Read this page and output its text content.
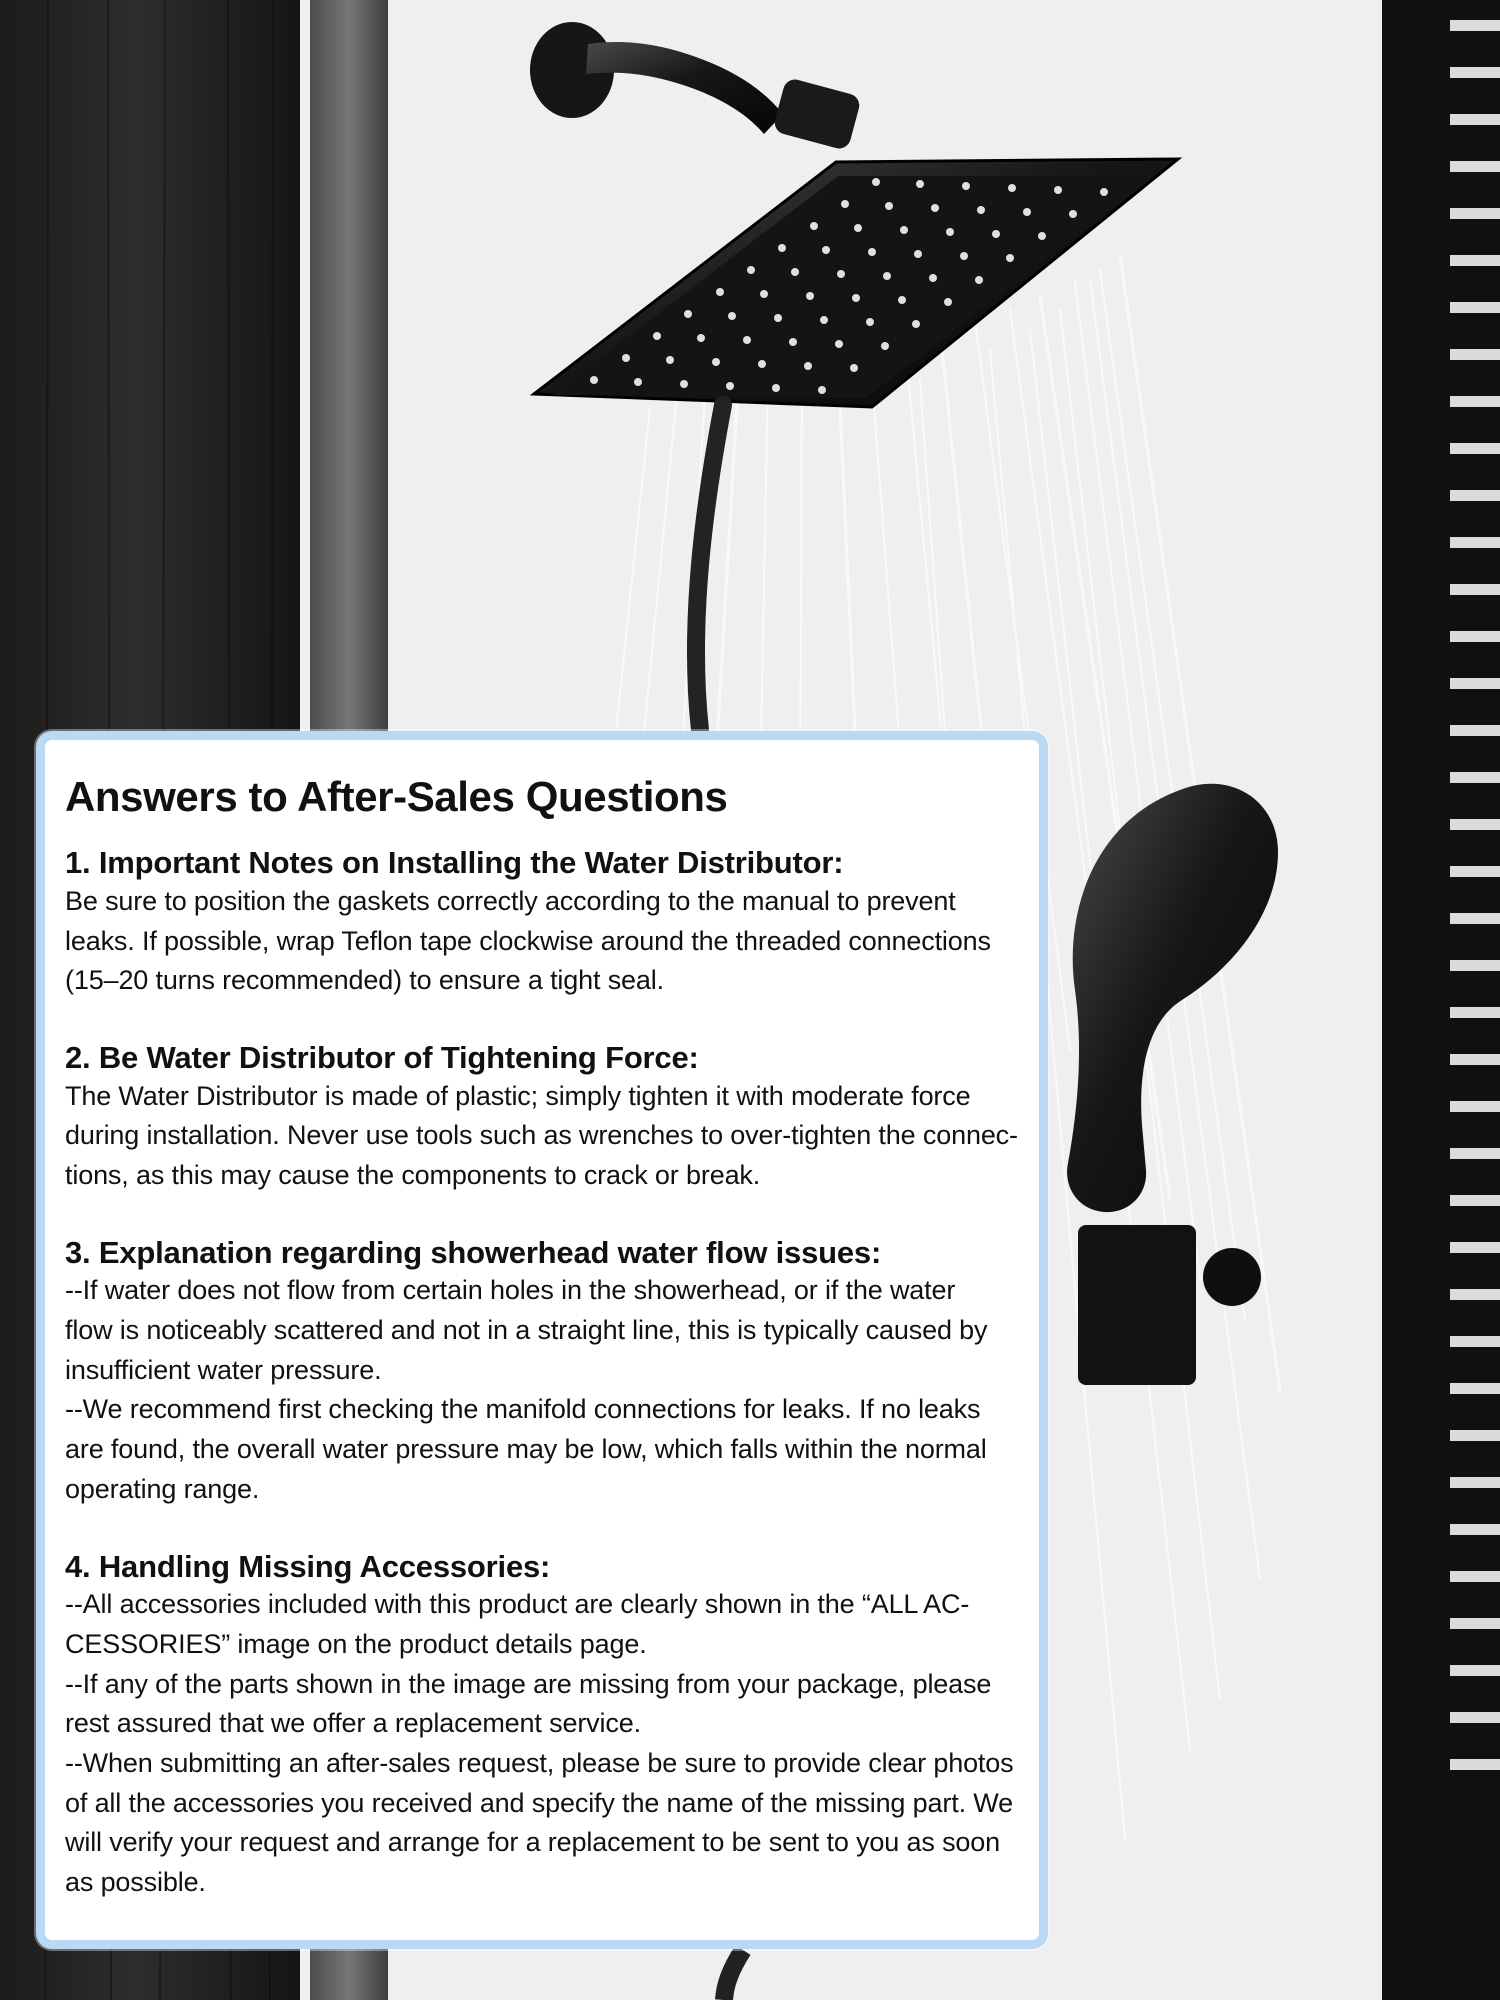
Answers to After-Sales Questions
1. Important Notes on Installing the Water Distributor:

Be sure to position the gaskets correctly according to the manual to prevent
leaks. If possible, wrap Teflon tape clockwise around the threaded connections
(15–20 turns recommended) to ensure a tight seal.

2. Be Water Distributor of Tightening Force:

The Water Distributor is made of plastic; simply tighten it with moderate force
during installation. Never use tools such as wrenches to over-tighten the connec-
tions, as this may cause the components to crack or break.

3. Explanation regarding showerhead water flow issues:

--If water does not flow from certain holes in the showerhead, or if the water
flow is noticeably scattered and not in a straight line, this is typically caused by
insufficient water pressure.

--We recommend first checking the manifold connections for leaks. If no leaks
are found, the overall water pressure may be low, which falls within the normal
operating range.

4. Handling Missing Accessories:

--All accessories included with this product are clearly shown in the “ALL AC-
CESSORIES” image on the product details page.

--If any of the parts shown in the image are missing from your package, please
rest assured that we offer a replacement service.

--When submitting an after-sales request, please be sure to provide clear photos
of all the accessories you received and specify the name of the missing part. We
will verify your request and arrange for a replacement to be sent to you as soon
as possible.
